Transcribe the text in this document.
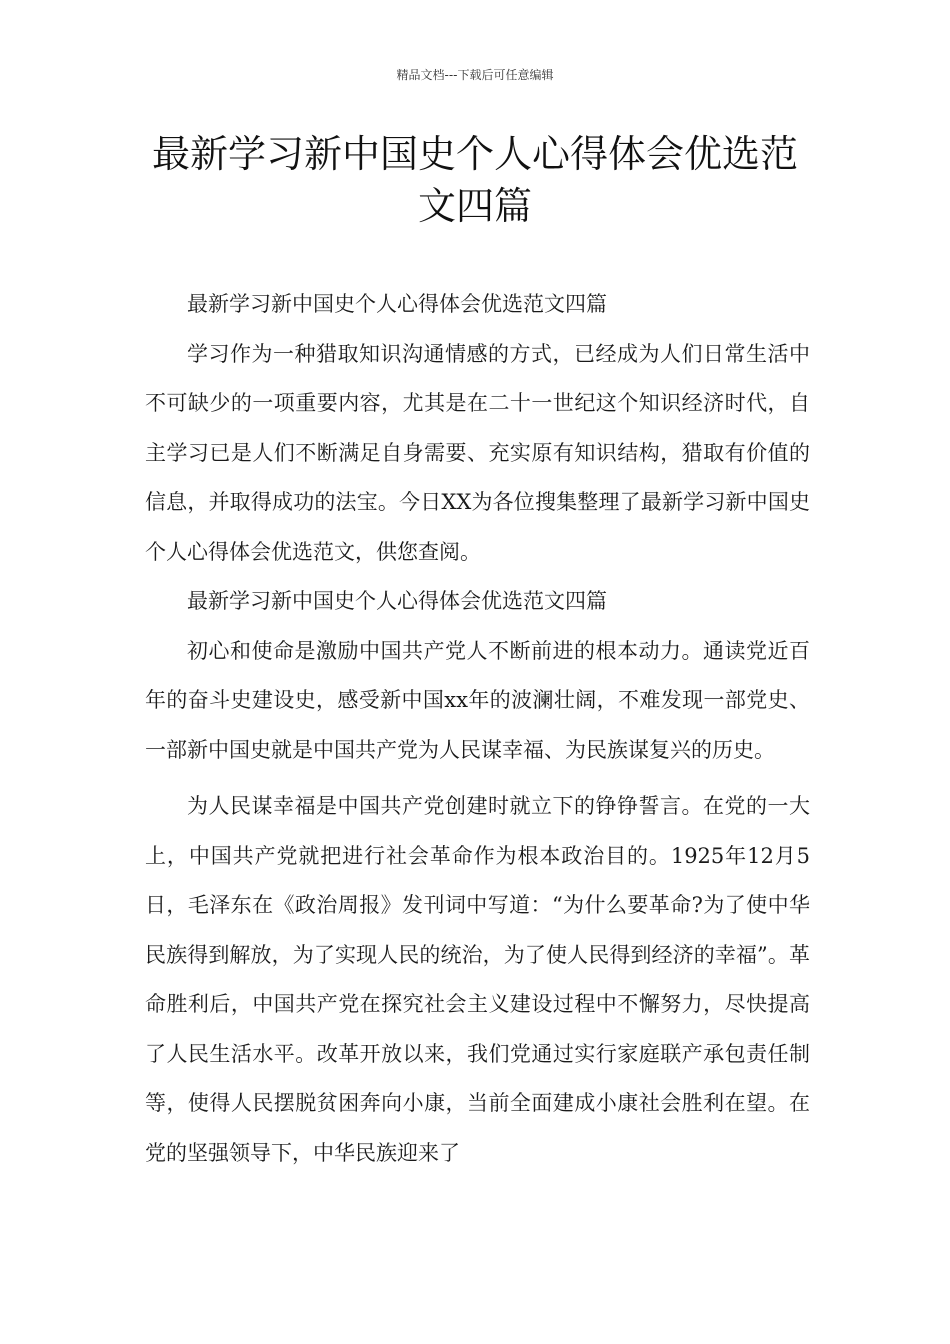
精品文档---下载后可任意编辑
最新学习新中国史个人心得体会优选范文四篇

最新学习新中国史个人心得体会优选范文四篇

学习作为一种猎取知识沟通情感的方式，已经成为人们日常生活中不可缺少的一项重要内容，尤其是在二十一世纪这个知识经济时代，自主学习已是人们不断满足自身需要、充实原有知识结构，猎取有价值的信息，并取得成功的法宝。今日XX为各位搜集整理了最新学习新中国史个人心得体会优选范文，供您查阅。

最新学习新中国史个人心得体会优选范文四篇

初心和使命是激励中国共产党人不断前进的根本动力。通读党近百年的奋斗史建设史，感受新中国xx年的波澜壮阔，不难发现一部党史、一部新中国史就是中国共产党为人民谋幸福、为民族谋复兴的历史。

为人民谋幸福是中国共产党创建时就立下的铮铮誓言。在党的一大上，中国共产党就把进行社会革命作为根本政治目的。1925年12月5日，毛泽东在《政治周报》发刊词中写道：“为什么要革命?为了使中华民族得到解放，为了实现人民的统治，为了使人民得到经济的幸福”。革命胜利后，中国共产党在探究社会主义建设过程中不懈努力，尽快提高了人民生活水平。改革开放以来，我们党通过实行家庭联产承包责任制等，使得人民摆脱贫困奔向小康，当前全面建成小康社会胜利在望。在党的坚强领导下，中华民族迎来了
